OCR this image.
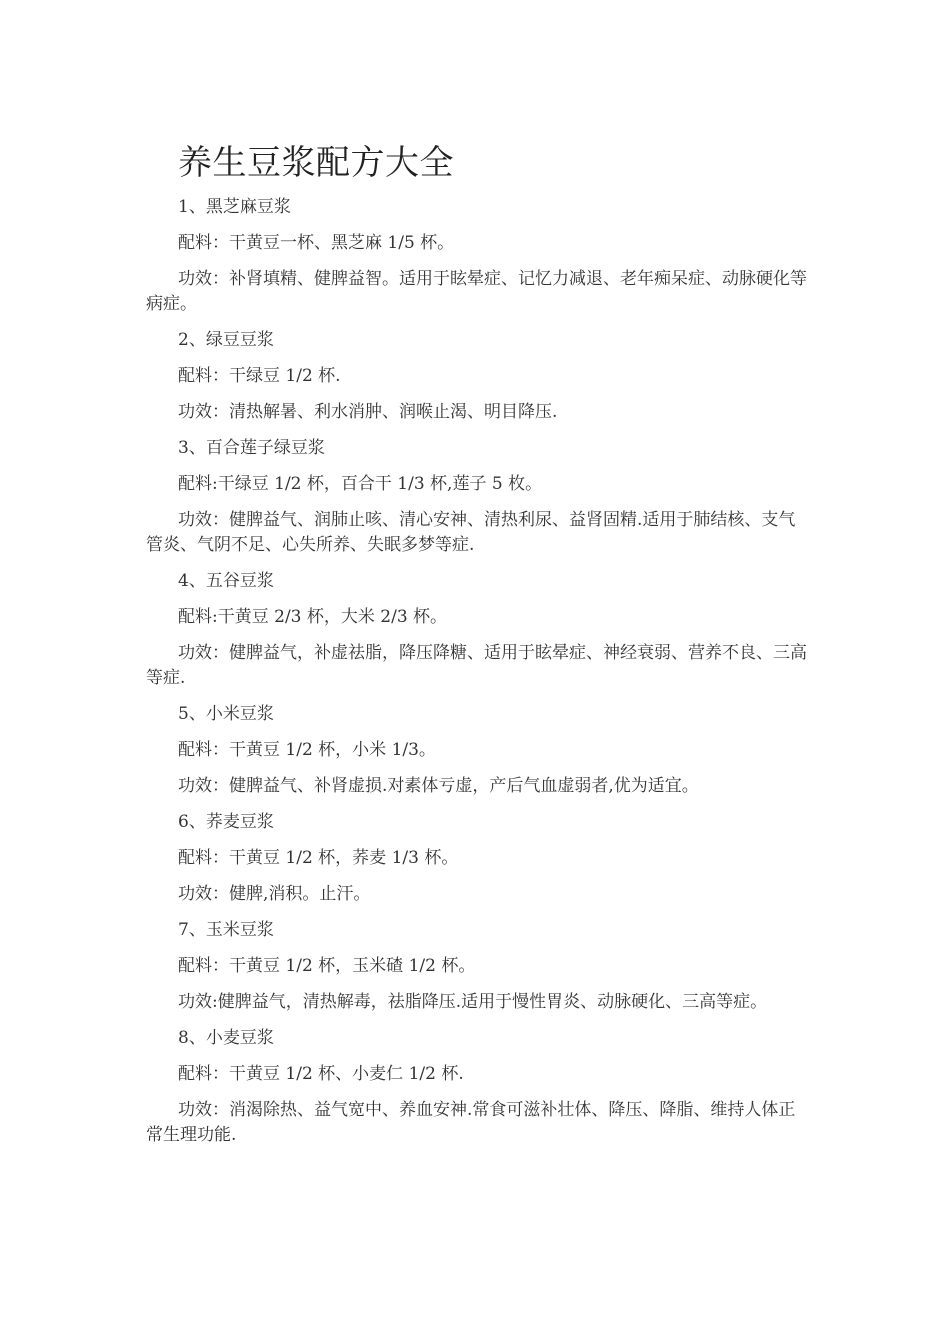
养生豆浆配方大全

1、黑芝麻豆浆

配料：干黄豆一杯、黑芝麻 1/5 杯。

功效：补肾填精、健脾益智。适用于眩晕症、记忆力减退、老年痴呆症、动脉硬化等病症。

2、绿豆豆浆

配料：干绿豆 1/2 杯.

功效：清热解暑、利水消肿、润喉止渴、明目降压.

3、百合莲子绿豆浆

配料:干绿豆 1/2 杯，百合干 1/3 杯,莲子 5 枚。

功效：健脾益气、润肺止咳、清心安神、清热利尿、益肾固精.适用于肺结核、支气管炎、气阴不足、心失所养、失眠多梦等症.

4、五谷豆浆

配料:干黄豆 2/3 杯，大米 2/3 杯。

功效：健脾益气，补虚祛脂，降压降糖、适用于眩晕症、神经衰弱、营养不良、三高等症.

5、小米豆浆

配料：干黄豆 1/2 杯，小米 1/3。

功效：健脾益气、补肾虚损.对素体亏虚，产后气血虚弱者,优为适宜。

6、荞麦豆浆

配料：干黄豆 1/2 杯，荞麦 1/3 杯。

功效：健脾,消积。止汗。

7、玉米豆浆

配料：干黄豆 1/2 杯，玉米碴 1/2 杯。

功效:健脾益气，清热解毒，祛脂降压.适用于慢性胃炎、动脉硬化、三高等症。

8、小麦豆浆

配料：干黄豆 1/2 杯、小麦仁 1/2 杯.

功效：消渴除热、益气宽中、养血安神.常食可滋补壮体、降压、降脂、维持人体正常生理功能.
